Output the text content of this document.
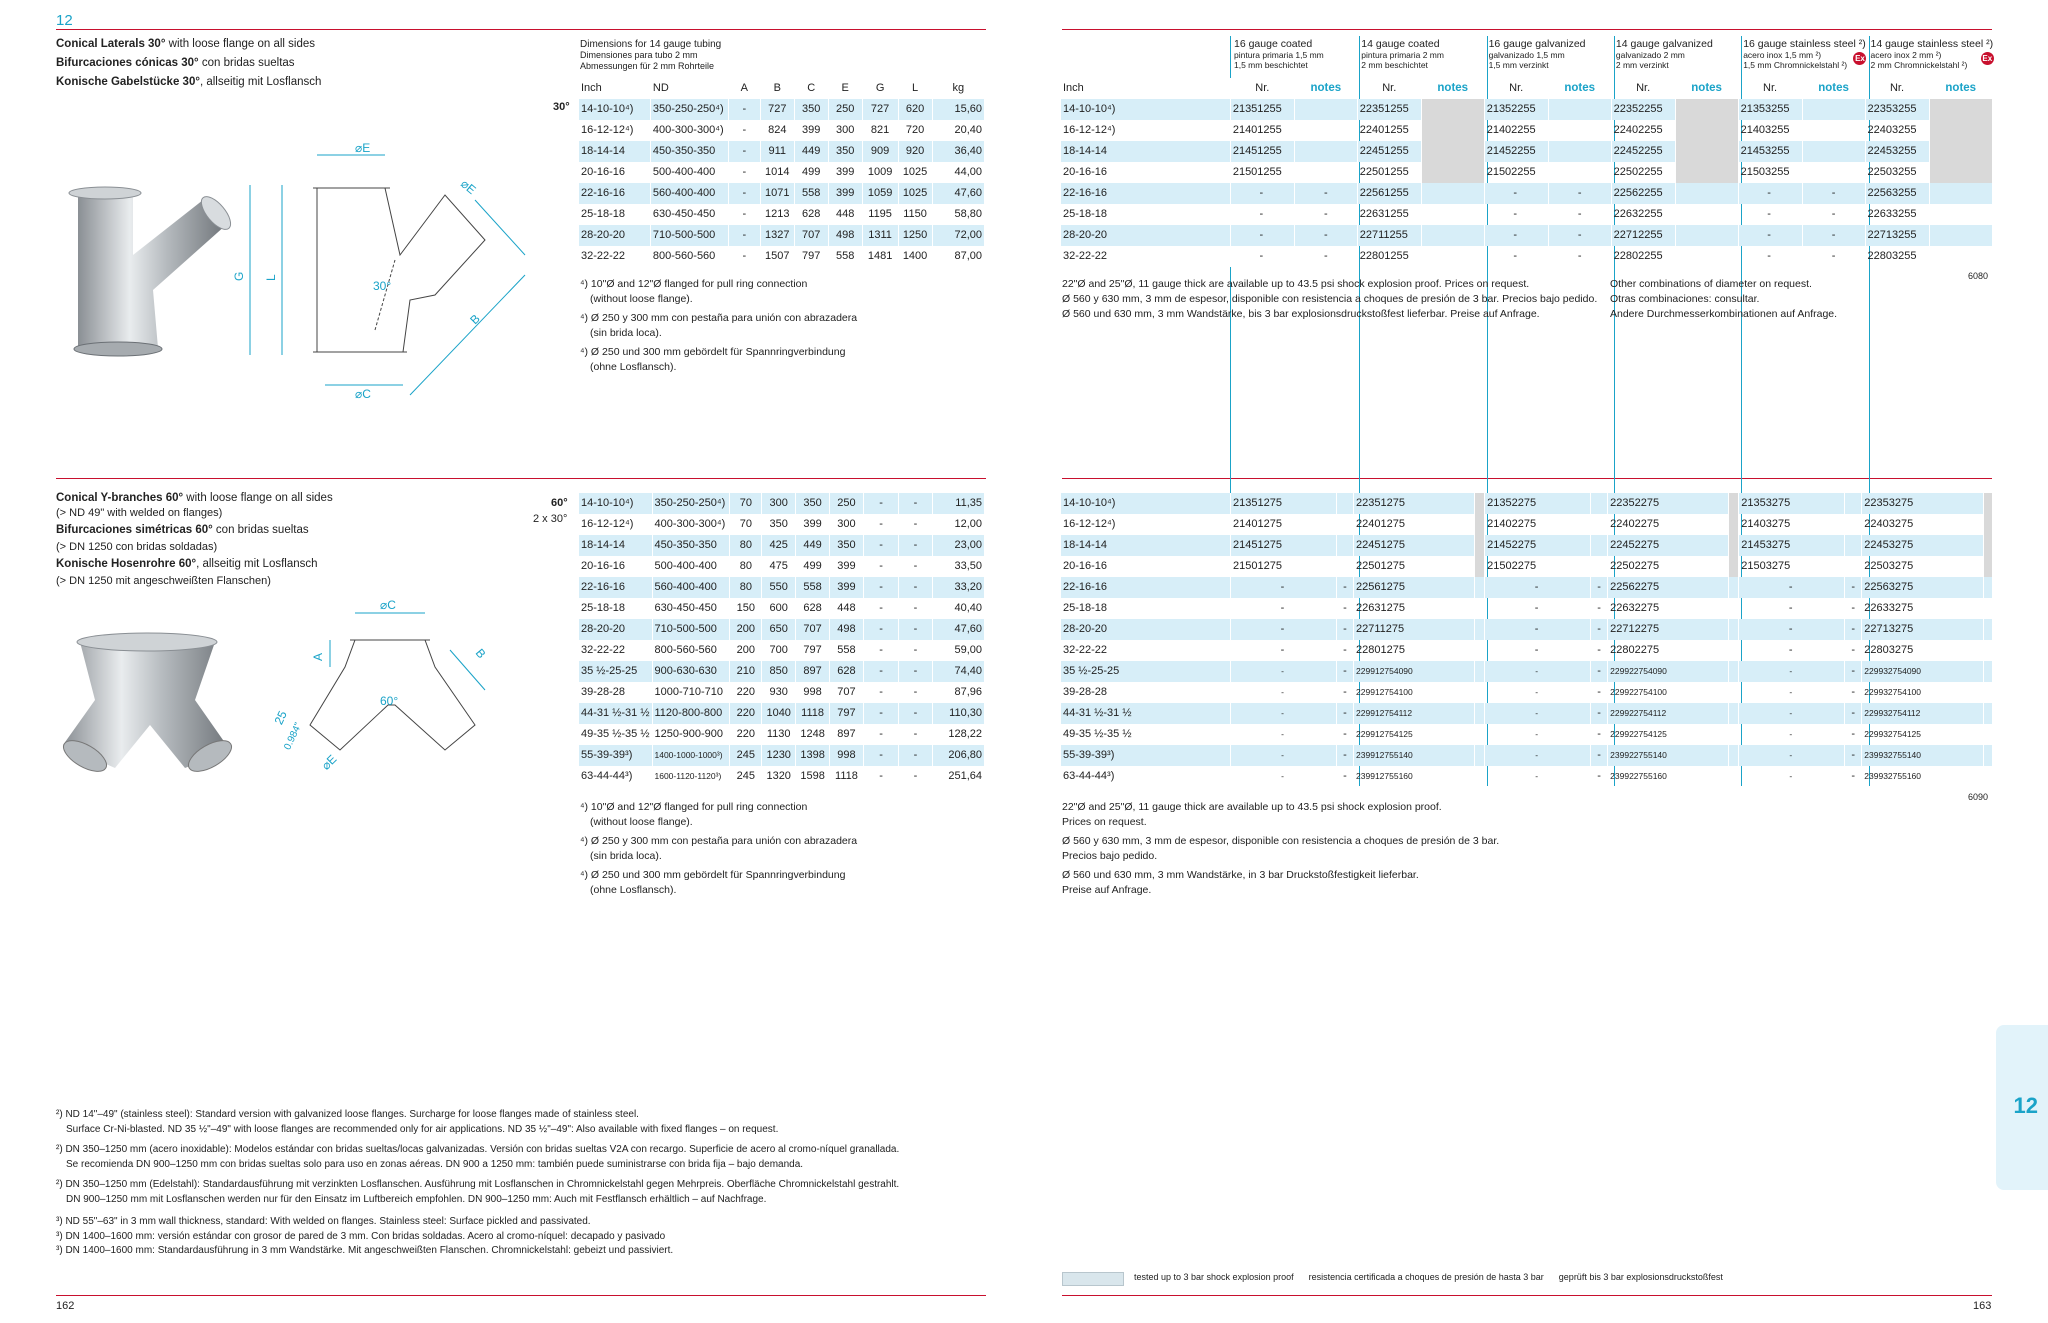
12
Conical Laterals 30° with loose flange on all sides
Bifurcaciones cónicas 30° con bridas sueltas
Konische Gabelstücke 30°, allseitig mit Losflansch
G L
⌀E
⌀E
⌀C
30°
B
Dimensions for 14 gauge tubing
Dimensiones para tubo 2 mm
Abmessungen für 2 mm Rohrteile
30°
Inch	ND	A	B	C	E	G	L	kg
14-10-10⁴)	350-250-250⁴)	-	727	350	250	727	620	15,60
16-12-12⁴)	400-300-300⁴)	-	824	399	300	821	720	20,40
18-14-14	450-350-350	-	911	449	350	909	920	36,40
20-16-16	500-400-400	-	1014	499	399	1009	1025	44,00
22-16-16	560-400-400	-	1071	558	399	1059	1025	47,60
25-18-18	630-450-450	-	1213	628	448	1195	1150	58,80
28-20-20	710-500-500	-	1327	707	498	1311	1250	72,00
32-22-22	800-560-560	-	1507	797	558	1481	1400	87,00
⁴) 10"Ø and 12"Ø flanged for pull ring connection
(without loose flange).
⁴) Ø 250 y 300 mm con pestaña para unión con abrazadera
(sin brida loca).
⁴) Ø 250 und 300 mm gebördelt für Spannringverbindung
(ohne Losflansch).
16 gauge coated
pintura primaria 1,5 mm
1,5 mm beschichtet
14 gauge coated
pintura primaria 2 mm
2 mm beschichtet
16 gauge galvanized
galvanizado 1,5 mm
1,5 mm verzinkt
14 gauge galvanized
galvanizado 2 mm
2 mm verzinkt
16 gauge stainless steel ²)
acero inox 1,5 mm ²)
1,5 mm Chromnickelstahl ²)
Ex
14 gauge stainless steel ²)
acero inox 2 mm ²)
2 mm Chromnickelstahl ²)
Ex
Inch	Nr.	notes	Nr.	notes	Nr.	notes	Nr.	notes	Nr.	notes	Nr.	notes
14-10-10⁴)	21351255		22351255		21352255		22352255		21353255		22353255	
16-12-12⁴)	21401255		22401255		21402255		22402255		21403255		22403255	
18-14-14	21451255		22451255		21452255		22452255		21453255		22453255	
20-16-16	21501255		22501255		21502255		22502255		21503255		22503255	
22-16-16	-	-	22561255		-	-	22562255		-	-	22563255	
25-18-18	-	-	22631255		-	-	22632255		-	-	22633255	
28-20-20	-	-	22711255		-	-	22712255		-	-	22713255	
32-22-22	-	-	22801255		-	-	22802255		-	-	22803255	
22"Ø and 25"Ø, 11 gauge thick are available up to 43.5 psi shock explosion proof. Prices on request.
Ø 560 y 630 mm, 3 mm de espesor, disponible con resistencia a choques de presión de 3 bar. Precios bajo pedido.
Ø 560 und 630 mm, 3 mm Wandstärke, bis 3 bar explosionsdruckstoßfest lieferbar. Preise auf Anfrage.
Other combinations of diameter on request.
Otras combinaciones: consultar.
Andere Durchmesserkombinationen auf Anfrage.
6080
Conical Y-branches 60° with loose flange on all sides
(> ND 49" with welded on flanges)
Bifurcaciones simétricas 60° con bridas sueltas
(> DN 1250 con bridas soldadas)
Konische Hosenrohre 60°, allseitig mit Losflansch
(> DN 1250 mit angeschweißten Flanschen)
⌀C
A	B
60°
25
0.984"
⌀E
60°
2 x 30°
14-10-10⁴)	350-250-250⁴)	70	300	350	250	-	-	11,35
16-12-12⁴)	400-300-300⁴)	70	350	399	300	-	-	12,00
18-14-14	450-350-350	80	425	449	350	-	-	23,00
20-16-16	500-400-400	80	475	499	399	-	-	33,50
22-16-16	560-400-400	80	550	558	399	-	-	33,20
25-18-18	630-450-450	150	600	628	448	-	-	40,40
28-20-20	710-500-500	200	650	707	498	-	-	47,60
32-22-22	800-560-560	200	700	797	558	-	-	59,00
35 ½-25-25	900-630-630	210	850	897	628	-	-	74,40
39-28-28	1000-710-710	220	930	998	707	-	-	87,96
44-31 ½-31 ½	1120-800-800	220	1040	1118	797	-	-	110,30
49-35 ½-35 ½	1250-900-900	220	1130	1248	897	-	-	128,22
55-39-39³)	1400-1000-1000³)	245	1230	1398	998	-	-	206,80
63-44-44³)	1600-1120-1120³)	245	1320	1598	1118	-	-	251,64
⁴) 10"Ø and 12"Ø flanged for pull ring connection
(without loose flange).
⁴) Ø 250 y 300 mm con pestaña para unión con abrazadera
(sin brida loca).
⁴) Ø 250 und 300 mm gebördelt für Spannringverbindung
(ohne Losflansch).
14-10-10⁴)	21351275		22351275		21352275		22352275		21353275		22353275	
16-12-12⁴)	21401275		22401275		21402275		22402275		21403275		22403275	
18-14-14	21451275		22451275		21452275		22452275		21453275		22453275	
20-16-16	21501275		22501275		21502275		22502275		21503275		22503275	
22-16-16	-	-	22561275		-	-	22562275		-	-	22563275	
25-18-18	-	-	22631275		-	-	22632275		-	-	22633275	
28-20-20	-	-	22711275		-	-	22712275		-	-	22713275	
32-22-22	-	-	22801275		-	-	22802275		-	-	22803275	
35 ½-25-25	-	-	229912754090		-	-	229922754090		-	-	229932754090	
39-28-28	-	-	229912754100		-	-	229922754100		-	-	229932754100	
44-31 ½-31 ½	-	-	229912754112		-	-	229922754112		-	-	229932754112	
49-35 ½-35 ½	-	-	229912754125		-	-	229922754125		-	-	229932754125	
55-39-39³)	-	-	239912755140		-	-	239922755140		-	-	239932755140	
63-44-44³)	-	-	239912755160		-	-	239922755160		-	-	239932755160	
22"Ø and 25"Ø, 11 gauge thick are available up to 43.5 psi shock explosion proof.
Prices on request.
Ø 560 y 630 mm, 3 mm de espesor, disponible con resistencia a choques de presión de 3 bar.
Precios bajo pedido.
Ø 560 und 630 mm, 3 mm Wandstärke, in 3 bar Druckstoßfestigkeit lieferbar.
Preise auf Anfrage.
6090
²) ND 14"–49" (stainless steel): Standard version with galvanized loose flanges. Surcharge for loose flanges made of stainless steel.
Surface Cr-Ni-blasted. ND 35 ½"–49" with loose flanges are recommended only for air applications. ND 35 ½"–49": Also available with fixed flanges – on request.
²) DN 350–1250 mm (acero inoxidable): Modelos estándar con bridas sueltas/locas galvanizadas. Versión con bridas sueltas V2A con recargo. Superficie de acero al cromo-níquel granallada.
Se recomienda DN 900–1250 mm con bridas sueltas solo para uso en zonas aéreas. DN 900 a 1250 mm: también puede suministrarse con brida fija – bajo demanda.
²) DN 350–1250 mm (Edelstahl): Standardausführung mit verzinkten Losflanschen. Ausführung mit Losflanschen in Chromnickelstahl gegen Mehrpreis. Oberfläche Chromnickelstahl gestrahlt.
DN 900–1250 mm mit Losflanschen werden nur für den Einsatz im Luftbereich empfohlen. DN 900–1250 mm: Auch mit Festflansch erhältlich – auf Nachfrage.
³) ND 55"–63" in 3 mm wall thickness, standard: With welded on flanges. Stainless steel: Surface pickled and passivated.
³) DN 1400–1600 mm: versión estándar con grosor de pared de 3 mm. Con bridas soldadas. Acero al cromo-níquel: decapado y pasivado
³) DN 1400–1600 mm: Standardausführung in 3 mm Wandstärke. Mit angeschweißten Flanschen. Chromnickelstahl: gebeizt und passiviert.
tested up to 3 bar shock explosion proof resistencia certificada a choques de presión de hasta 3 bar geprüft bis 3 bar explosionsdruckstoßfest
162	163
12
